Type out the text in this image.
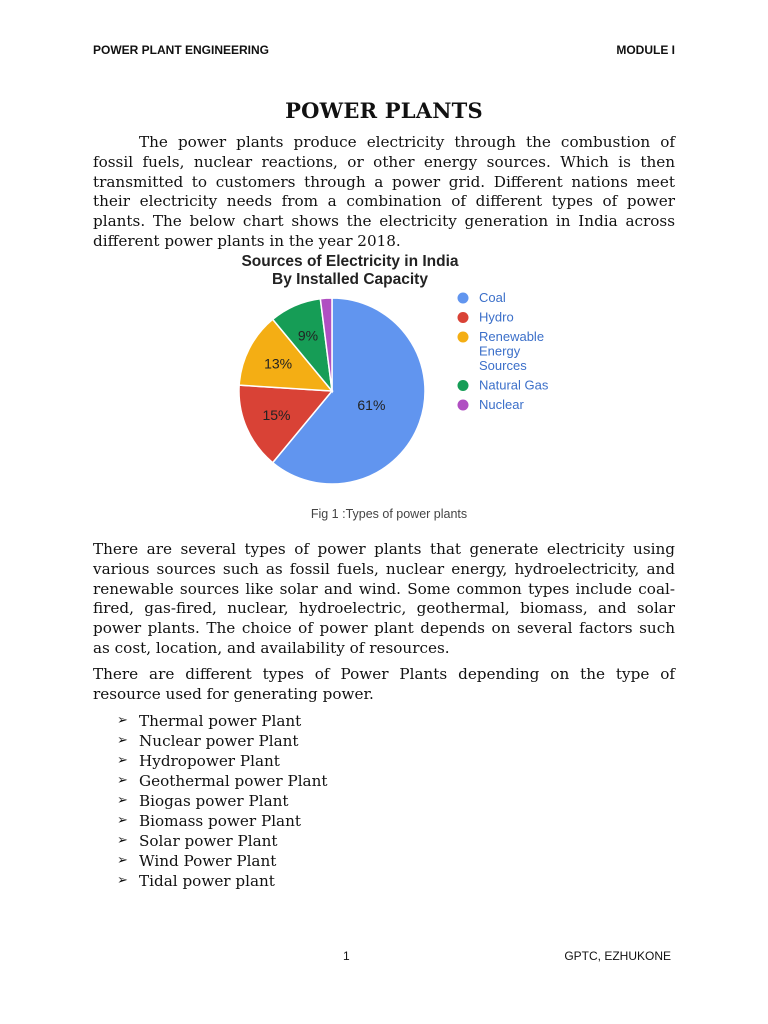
POWER PLANT ENGINEERING	MODULE I
POWER PLANTS

The power plants produce electricity through the combustion of fossil fuels, nuclear reactions, or other energy sources. Which is then transmitted to customers through a power grid. Different nations meet their electricity needs from a combination of different types of power plants. The below chart shows the electricity generation in India across different power plants in the year 2018.

Sources of Electricity in India
By Installed Capacity
61%
15%
13%
9%
Coal
Hydro
Renewable
Energy
Sources
Natural Gas
Nuclear
Fig 1 :Types of power plants

There are several types of power plants that generate electricity using various sources such as fossil fuels, nuclear energy, hydroelectricity, and renewable sources like solar and wind. Some common types include coal-fired, gas-fired, nuclear, hydroelectric, geothermal, biomass, and solar power plants. The choice of power plant depends on several factors such as cost, location, and availability of resources.

There are different types of Power Plants depending on the type of resource used for generating power.

➢ Thermal power Plant
➢ Nuclear power Plant
➢ Hydropower Plant
➢ Geothermal power Plant
➢ Biogas power Plant
➢ Biomass power Plant
➢ Solar power Plant
➢ Wind Power Plant
➢ Tidal power plant
1	GPTC, EZHUKONE
